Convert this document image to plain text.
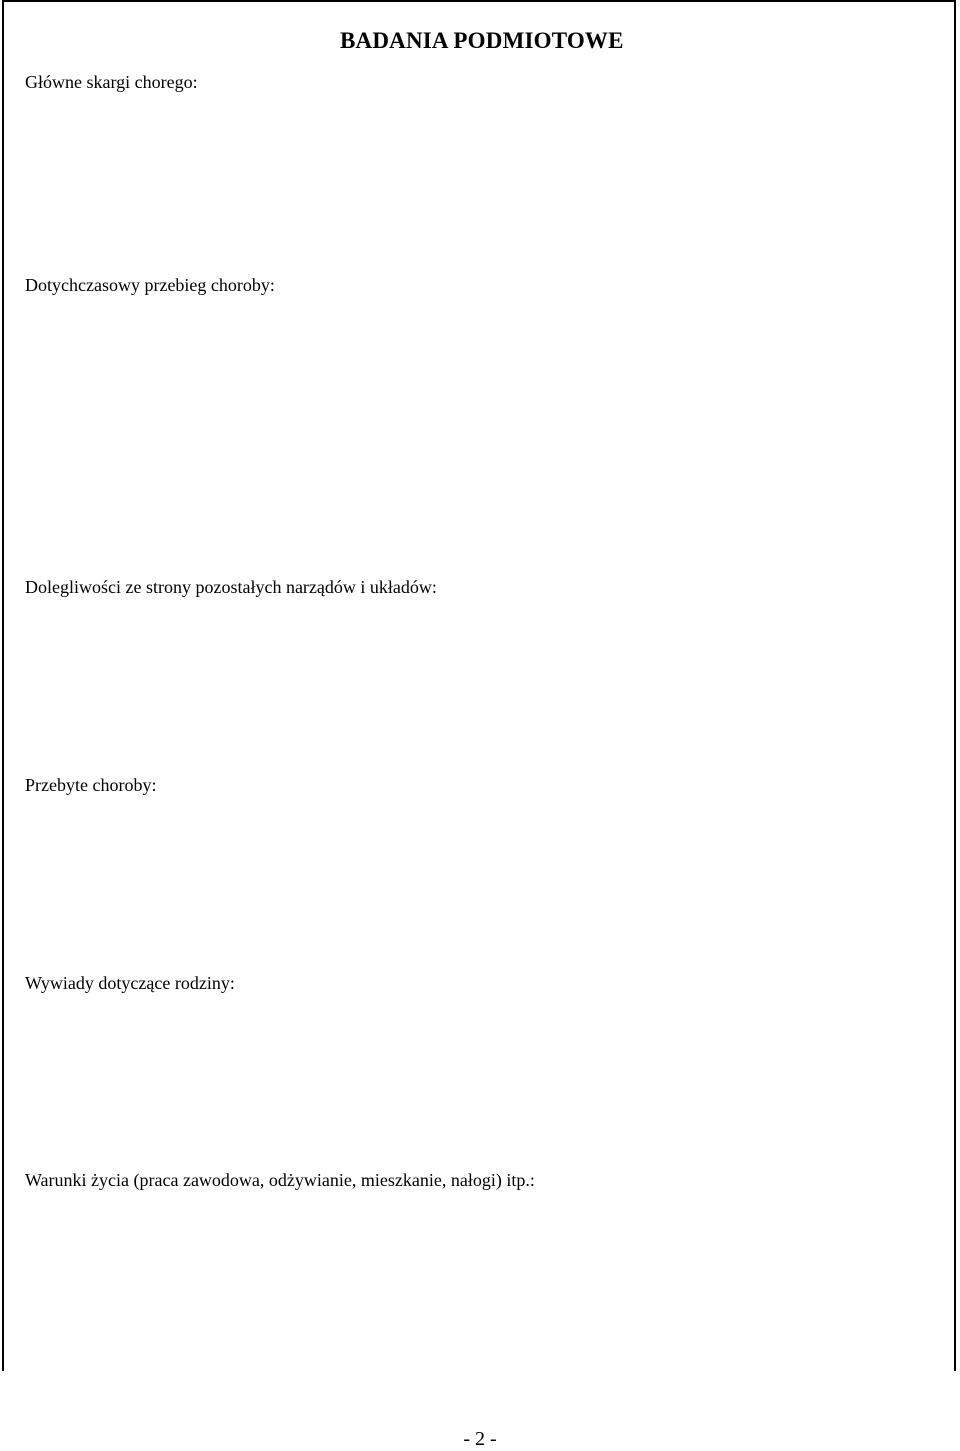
BADANIA PODMIOTOWE
Główne skargi chorego:
Dotychczasowy przebieg choroby:
Dolegliwości ze strony pozostałych narządów i układów:
Przebyte choroby:
Wywiady dotyczące rodziny:
Warunki życia (praca zawodowa, odżywianie, mieszkanie, nałogi) itp.:
- 2 -
